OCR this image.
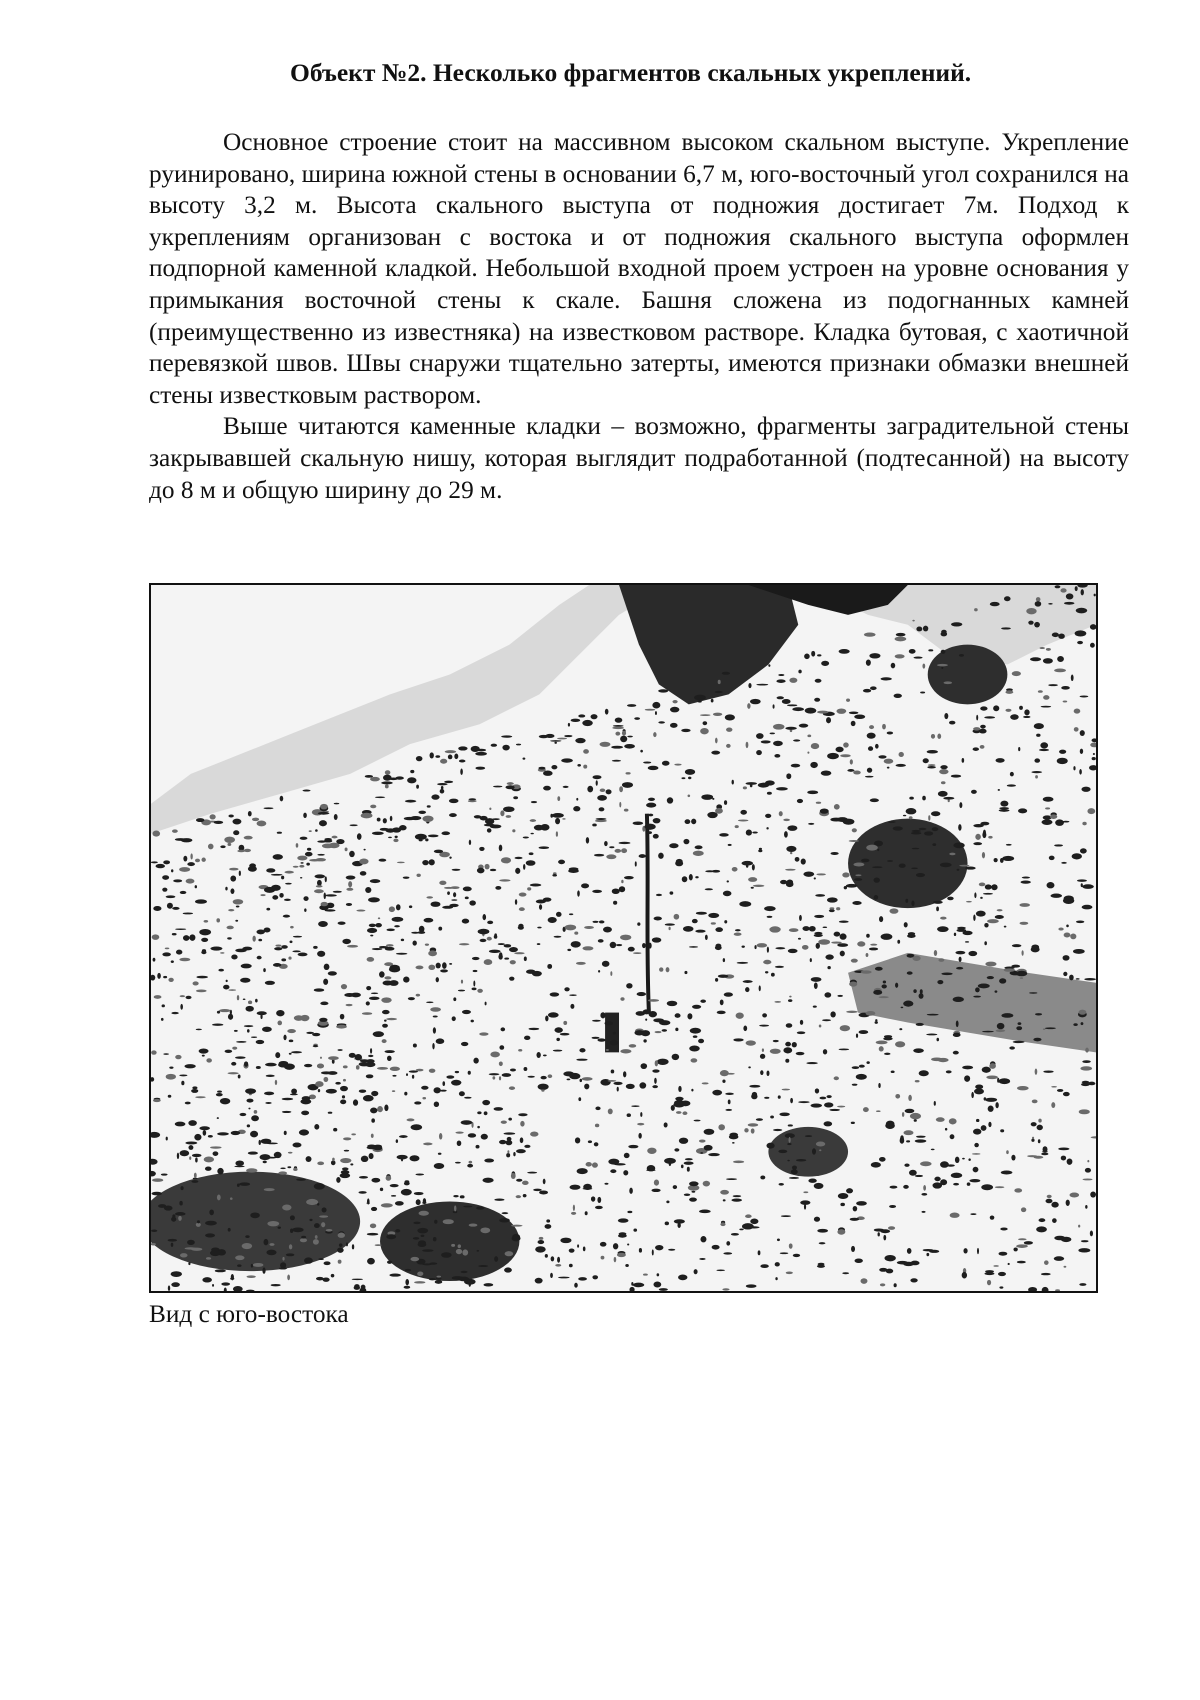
Объект №2. Несколько фрагментов скальных укреплений.

Основное строение стоит на массивном высоком скальном выступе. Укрепление руинировано, ширина южной стены в основании 6,7 м, юго-восточный угол сохранился на высоту 3,2 м. Высота скального выступа от подножия достигает 7м. Подход к укреплениям организован с востока и от подножия скального выступа оформлен подпорной каменной кладкой. Небольшой входной проем устроен на уровне основания у примыкания восточной стены к скале. Башня сложена из подогнанных камней (преимущественно из известняка) на известковом растворе. Кладка бутовая, с хаотичной перевязкой швов. Швы снаружи тщательно затерты, имеются признаки обмазки внешней стены известковым раствором.

Выше читаются каменные кладки – возможно, фрагменты заградительной стены закрывавшей скальную нишу, которая выглядит подработанной (подтесанной) на высоту до 8 м и общую ширину до 29 м.

Вид с юго-востока
